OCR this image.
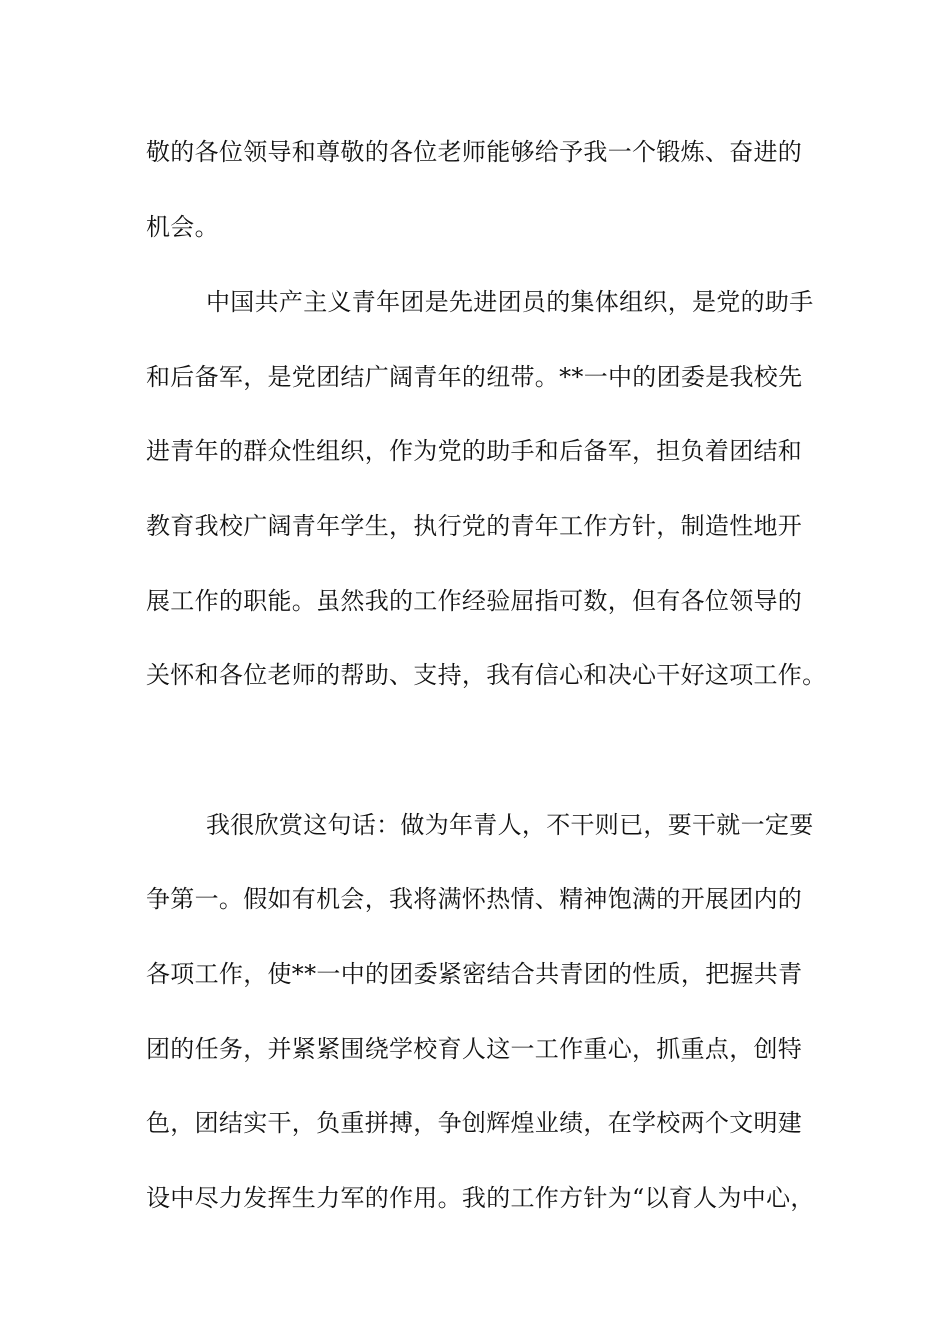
敬的各位领导和尊敬的各位老师能够给予我一个锻炼、奋进的
机会。
中国共产主义青年团是先进团员的集体组织，是党的助手
和后备军，是党团结广阔青年的纽带。**一中的团委是我校先
进青年的群众性组织，作为党的助手和后备军，担负着团结和
教育我校广阔青年学生，执行党的青年工作方针，制造性地开
展工作的职能。虽然我的工作经验屈指可数，但有各位领导的
关怀和各位老师的帮助、支持，我有信心和决心干好这项工作。
我很欣赏这句话：做为年青人，不干则已，要干就一定要
争第一。假如有机会，我将满怀热情、精神饱满的开展团内的
各项工作，使**一中的团委紧密结合共青团的性质，把握共青
团的任务，并紧紧围绕学校育人这一工作重心，抓重点，创特
色，团结实干，负重拼搏，争创辉煌业绩，在学校两个文明建
设中尽力发挥生力军的作用。我的工作方针为“以育人为中心，
